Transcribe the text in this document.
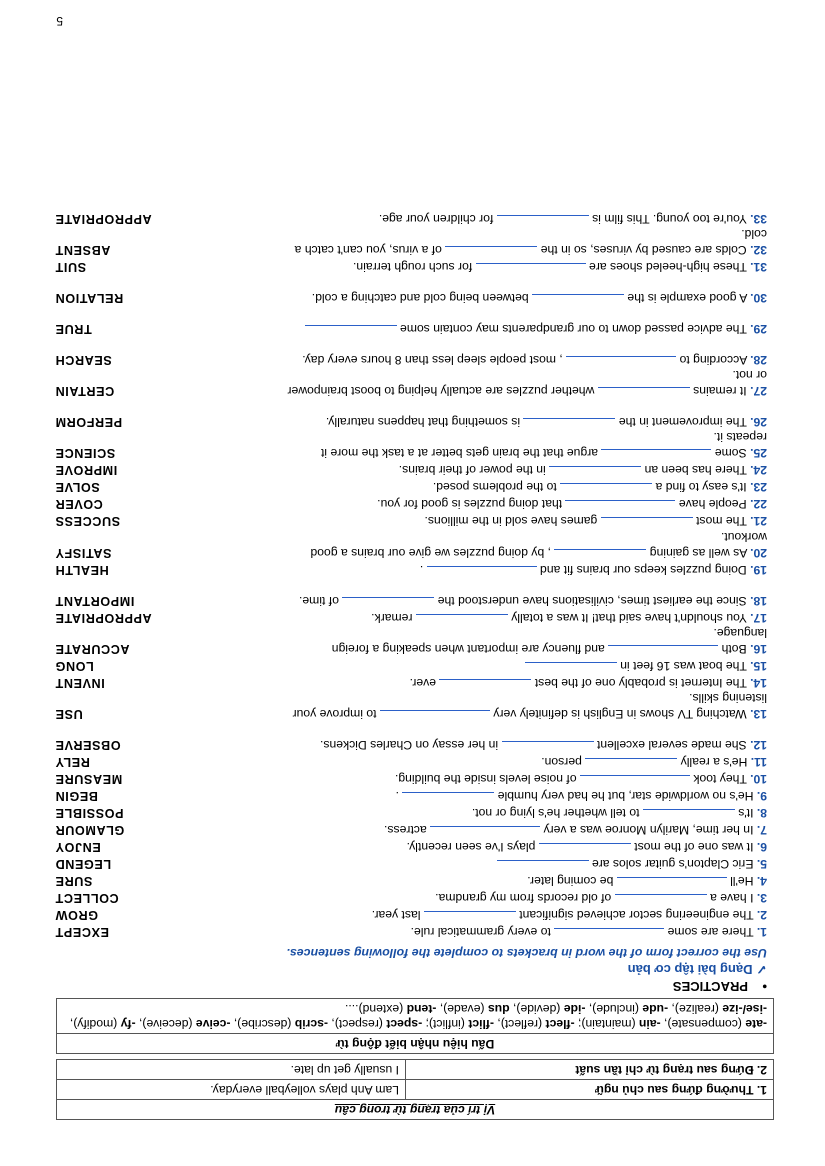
Vị trí của trạng từ trong câu	
1. Thường đứng sau chủ ngữ	Lam Anh plays volleyball everyday.
2. Đứng sau trạng từ chỉ tần suất	I usually get up late.
Dấu hiệu nhận biết động từ
-ate (compensate), -ain (maintain); -flect (reflect), -flict (inflict); -spect (respect), -scrib (describe), -ceive (deceive), -fy (modify), -ise/-ize (realize), -ude (include), -ide (devide), dus (evade), -tend (extend)....
•    PRACTICES
✓ Dạng bài tập cơ bản
Use the correct form of the word in brackets to complete the following sentences.
1. There are some  to every grammatical rule.
EXCEPT
2. The engineering sector achieved significant  last year.
GROW
3. I have a  of old records from my grandma.
COLLECT
4. He'll  be coming later.
SURE
5. Eric Clapton's guitar solos are
LEGEND
6. It was one of the most  plays I've seen recently.
ENJOY
7. In her time, Marilyn Monroe was a very  actress.
GLAMOUR
8. It's  to tell whether he's lying or not.
POSSIBLE
9. He's no worldwide star, but he had very humble  .
BEGIN
10. They took  of noise levels inside the building.
MEASURE
11. He's a really  person.
RELY
12. She made several excellent  in her essay on Charles Dickens.
OBSERVE
13. Watching TV shows in English is definitely very  to improve your listening skills.
USE
14. The Internet is probably one of the best  ever.
INVENT
15. The boat was 16 feet in
LONG
16. Both  and fluency are important when speaking a foreign language.
ACCURATE
17. You shouldn't have said that! It was a totally  remark.
APPROPRIATE
18. Since the earliest times, civilisations have understood the  of time.
IMPORTANT
19. Doing puzzles keeps our brains fit and  .
HEALTH
20. As well as gaining  , by doing puzzles we give our brains a good workout.
SATISFY
21. The most  games have sold in the millions.
SUCCESS
22. People have  that doing puzzles is good for you.
COVER
23. It's easy to find a  to the problems posed.
SOLVE
24. There has been an  in the power of their brains.
IMPROVE
25. Some  argue that the brain gets better at a task the more it repeats it.
SCIENCE
26. The improvement in the  is something that happens naturally.
PERFORM
27. It remains  whether puzzles are actually helping to boost brainpower or not.
CERTAIN
28. According to  , most people sleep less than 8 hours every day.
SEARCH
29. The advice passed down to our grandparents may contain some
TRUE
30. A good example is the  between being cold and catching a cold.
RELATION
31. These high-heeled shoes are  for such rough terrain.
SUIT
32. Colds are caused by viruses, so in the  of a virus, you can't catch a cold.
ABSENT
33. You're too young. This film is  for children your age.
APPROPRIATE
5
